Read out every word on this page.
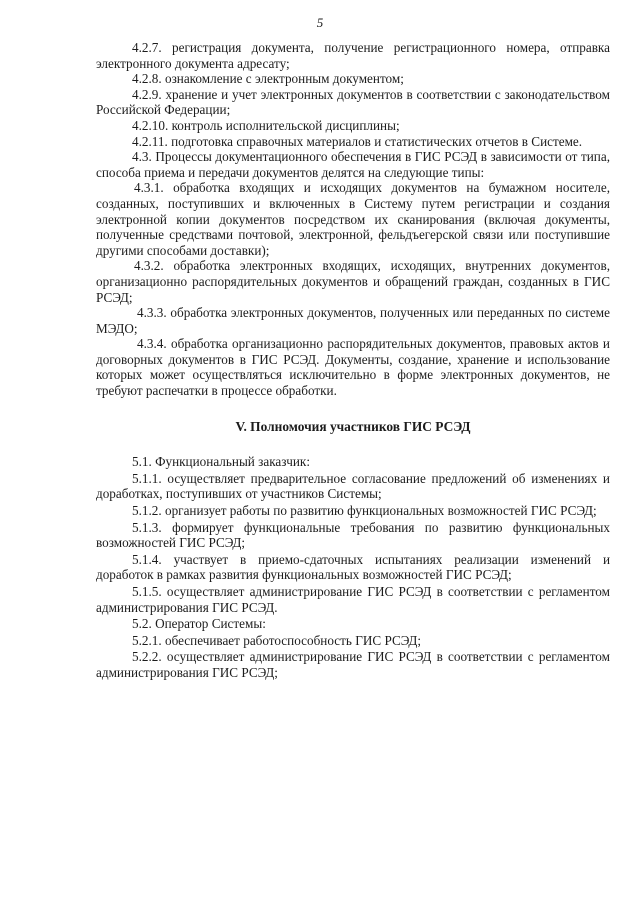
5

4.2.7. регистрация документа, получение регистрационного номера, отправка электронного документа адресату;

4.2.8. ознакомление с электронным документом;

4.2.9. хранение и учет электронных документов в соответствии с законодательством Российской Федерации;

4.2.10. контроль исполнительской дисциплины;

4.2.11. подготовка справочных материалов и статистических отчетов в Системе.

4.3. Процессы документационного обеспечения в ГИС РСЭД в зависимости от типа, способа приема и передачи документов делятся на следующие типы:

4.3.1. обработка входящих и исходящих документов на бумажном носителе, созданных, поступивших и включенных в Систему путем регистрации и создания электронной копии документов посредством их сканирования (включая документы, полученные средствами почтовой, электронной, фельдъегерской связи или поступившие другими способами доставки);

4.3.2. обработка электронных входящих, исходящих, внутренних документов, организационно распорядительных документов и обращений граждан, созданных в ГИС РСЭД;

4.3.3. обработка электронных документов, полученных или переданных по системе МЭДО;

4.3.4. обработка организационно распорядительных документов, правовых актов и договорных документов в ГИС РСЭД. Документы, создание, хранение и использование которых может осуществляться исключительно в форме электронных документов, не требуют распечатки в процессе обработки.

V. Полномочия участников ГИС РСЭД

5.1. Функциональный заказчик:

5.1.1. осуществляет предварительное согласование предложений об изменениях и доработках, поступивших от участников Системы;

5.1.2. организует работы по развитию функциональных возможностей ГИС РСЭД;

5.1.3. формирует функциональные требования по развитию функциональных возможностей ГИС РСЭД;

5.1.4. участвует в приемо-сдаточных испытаниях реализации изменений и доработок в рамках развития функциональных возможностей ГИС РСЭД;

5.1.5. осуществляет администрирование ГИС РСЭД в соответствии с регламентом администрирования ГИС РСЭД.

5.2. Оператор Системы:

5.2.1. обеспечивает работоспособность ГИС РСЭД;

5.2.2. осуществляет администрирование ГИС РСЭД в соответствии с регламентом администрирования ГИС РСЭД;
